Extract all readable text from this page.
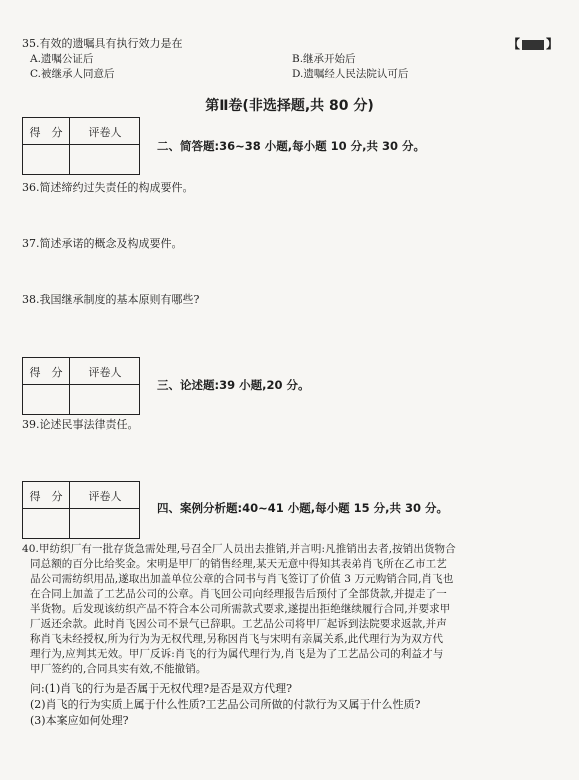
35.有效的遗嘱具有执行效力是在	【 】
A.遗嘱公证后	B.继承开始后
C.被继承人同意后	D.遗嘱经人民法院认可后
第Ⅱ卷(非选择题,共 80 分)
得　分	评卷人
二、简答题:36~38 小题,每小题 10 分,共 30 分。
36.简述缔约过失责任的构成要件。
37.简述承诺的概念及构成要件。
38.我国继承制度的基本原则有哪些?
得　分	评卷人
三、论述题:39 小题,20 分。
39.论述民事法律责任。
得　分	评卷人
四、案例分析题:40~41 小题,每小题 15 分,共 30 分。
40.甲纺织厂有一批存货急需处理,号召全厂人员出去推销,并言明:凡推销出去者,按销出货物合
同总额的百分比给奖金。宋明是甲厂的销售经理,某天无意中得知其表弟肖飞所在乙市工艺
品公司需纺织用品,遂取出加盖单位公章的合同书与肖飞签订了价值 3 万元购销合同,肖飞也
在合同上加盖了工艺品公司的公章。肖飞回公司向经理报告后预付了全部货款,并提走了一
半货物。后发现该纺织产品不符合本公司所需款式要求,遂提出拒绝继续履行合同,并要求甲
厂返还余款。此时肖飞因公司不景气已辞职。工艺品公司将甲厂起诉到法院要求返款,并声
称肖飞未经授权,所为行为为无权代理,另称因肖飞与宋明有亲属关系,此代理行为为双方代
理行为,应判其无效。甲厂反诉:肖飞的行为属代理行为,肖飞是为了工艺品公司的利益才与
甲厂签约的,合同具实有效,不能撤销。
问:(1)肖飞的行为是否属于无权代理?是否是双方代理?
(2)肖飞的行为实质上属于什么性质?工艺品公司所做的付款行为又属于什么性质?
(3)本案应如何处理?
